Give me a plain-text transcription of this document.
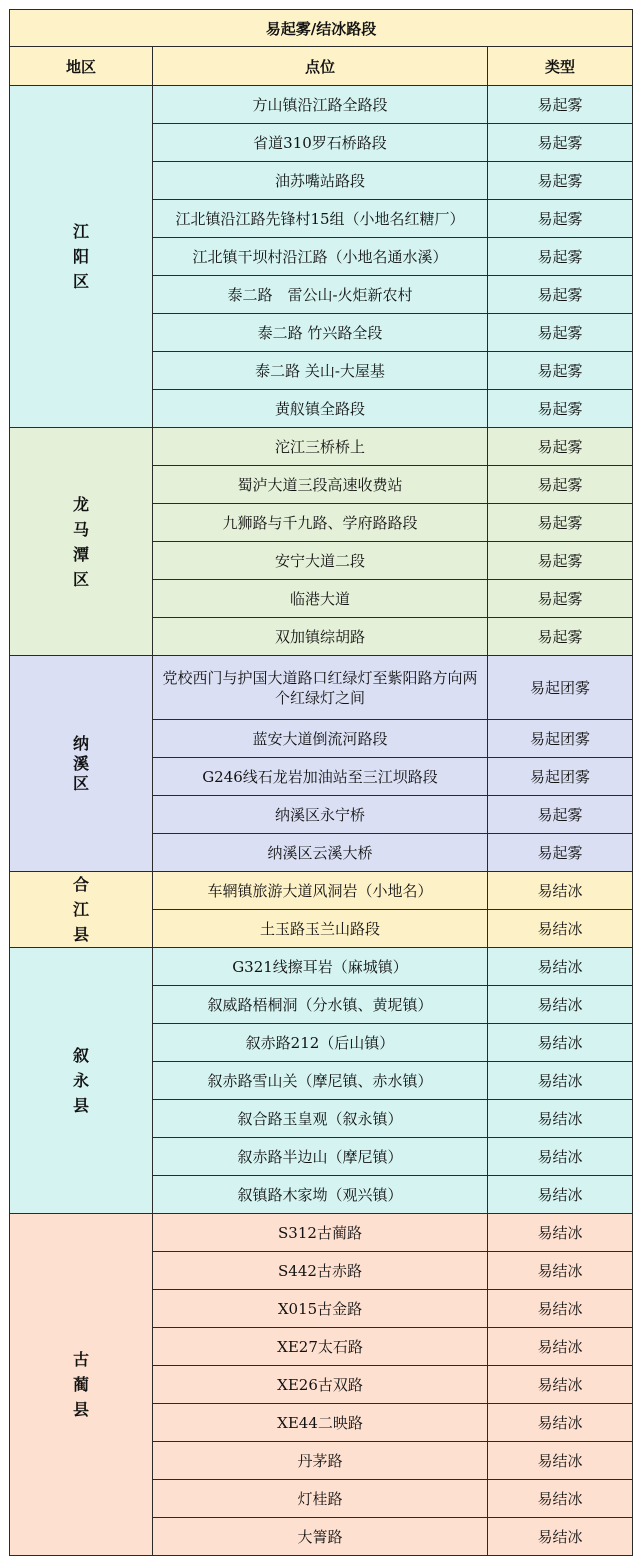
易起雾/结冰路段		
地区	点位	类型

江阳区	方山镇沿江路全路段	易起雾
	省道310罗石桥路段	易起雾
	油苏嘴站路段	易起雾
	江北镇沿江路先锋村15组（小地名红糖厂）	易起雾
	江北镇干坝村沿江路（小地名通水溪）	易起雾
	泰二路　雷公山-火炬新农村	易起雾
	泰二路 竹兴路全段	易起雾
	泰二路 关山-大屋基	易起雾
	黄舣镇全路段	易起雾

龙马潭区	沱江三桥桥上	易起雾
	蜀泸大道三段高速收费站	易起雾
	九狮路与千九路、学府路路段	易起雾
	安宁大道二段	易起雾
	临港大道	易起雾
	双加镇综胡路	易起雾

纳溪区	党校西门与护国大道路口红绿灯至紫阳路方向两个红绿灯之间	易起团雾
	蓝安大道倒流河路段	易起团雾
	G246线石龙岩加油站至三江坝路段	易起团雾
	纳溪区永宁桥	易起雾
	纳溪区云溪大桥	易起雾

合江县	车辋镇旅游大道风洞岩（小地名）	易结冰
	土玉路玉兰山路段	易结冰

叙永县	G321线擦耳岩（麻城镇）	易结冰
	叙威路梧桐洞（分水镇、黄坭镇）	易结冰
	叙赤路212（后山镇）	易结冰
	叙赤路雪山关（摩尼镇、赤水镇）	易结冰
	叙合路玉皇观（叙永镇）	易结冰
	叙赤路半边山（摩尼镇）	易结冰
	叙镇路木家坳（观兴镇）	易结冰

古蔺县	S312古蔺路	易结冰
	S442古赤路	易结冰
	X015古金路	易结冰
	XE27太石路	易结冰
	XE26古双路	易结冰
	XE44二映路	易结冰
	丹茅路	易结冰
	灯桂路	易结冰
	大箐路	易结冰
